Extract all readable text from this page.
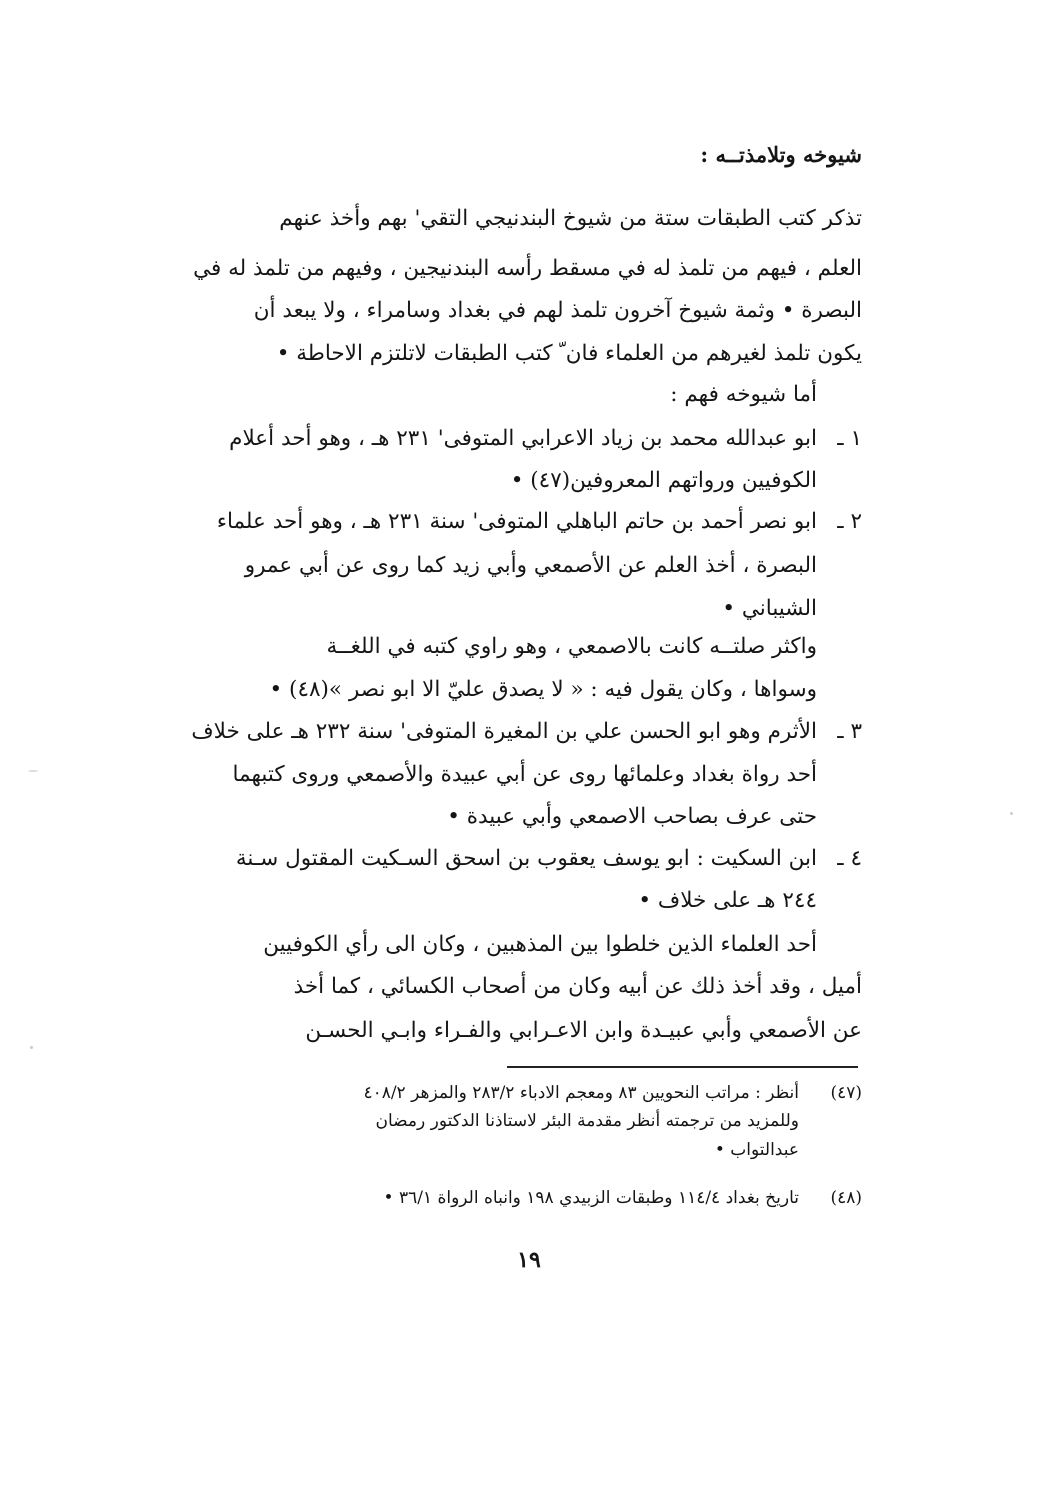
شيوخه وتلامذتــه :
تذكر كتب الطبقات ستة من شيوخ البندنيجي التقي' بهم وأخذ عنهم
العلم ، فيهم من تلمذ له في مسقط رأسه البندنيجين ، وفيهم من تلمذ له في
البصرة • وثمة شيوخ آخرون تلمذ لهم في بغداد وسامراء ، ولا يبعد أن
يكون تلمذ لغيرهم من العلماء فان ّ كتب الطبقات لاتلتزم الاحاطة •
أما شيوخه فهم :
١ ـ
ابو عبدالله محمد بن زياد الاعرابي المتوفى' ٢٣١ هـ ، وهو أحد أعلام
الكوفيين ورواتهم المعروفين(٤٧) •
٢ ـ
ابو نصر أحمد بن حاتم الباهلي المتوفى' سنة ٢٣١ هـ ، وهو أحد علماء
البصرة ، أخذ العلم عن الأصمعي وأبي زيد كما روى عن أبي عمرو
الشيباني •
واكثر صلتــه كانت بالاصمعي ، وهو راوي كتبه في اللغــة
وسواها ، وكان يقول فيه : « لا يصدق عليّ الا ابو نصر »(٤٨) •
٣ ـ
الأثرم وهو ابو الحسن علي بن المغيرة المتوفى' سنة ٢٣٢ هـ على خلاف
أحد رواة بغداد وعلمائها روى عن أبي عبيدة والأصمعي وروى كتبهما
حتى عرف بصاحب الاصمعي وأبي عبيدة •
٤ ـ
ابن السكيت : ابو يوسف يعقوب بن اسحق السـكيت المقتول سـنة
٢٤٤ هـ على خلاف •
أحد العلماء الذين خلطوا بين المذهبين ، وكان الى رأي الكوفيين
أميل ، وقد أخذ ذلك عن أبيه وكان من أصحاب الكسائي ، كما أخذ
عن الأصمعي وأبي عبيـدة وابن الاعـرابي والفـراء وابـي الحسـن
(٤٧)
أنظر : مراتب النحويين ٨٣ ومعجم الادباء ٢٨٣/٢ والمزهر ٤٠٨/٢
وللمزيد من ترجمته أنظر مقدمة البئر لاستاذنا الدكتور رمضان
عبدالتواب •
(٤٨)
تاريخ بغداد ١١٤/٤ وطبقات الزبيدي ١٩٨ وانباه الرواة ٣٦/١ •
١٩
